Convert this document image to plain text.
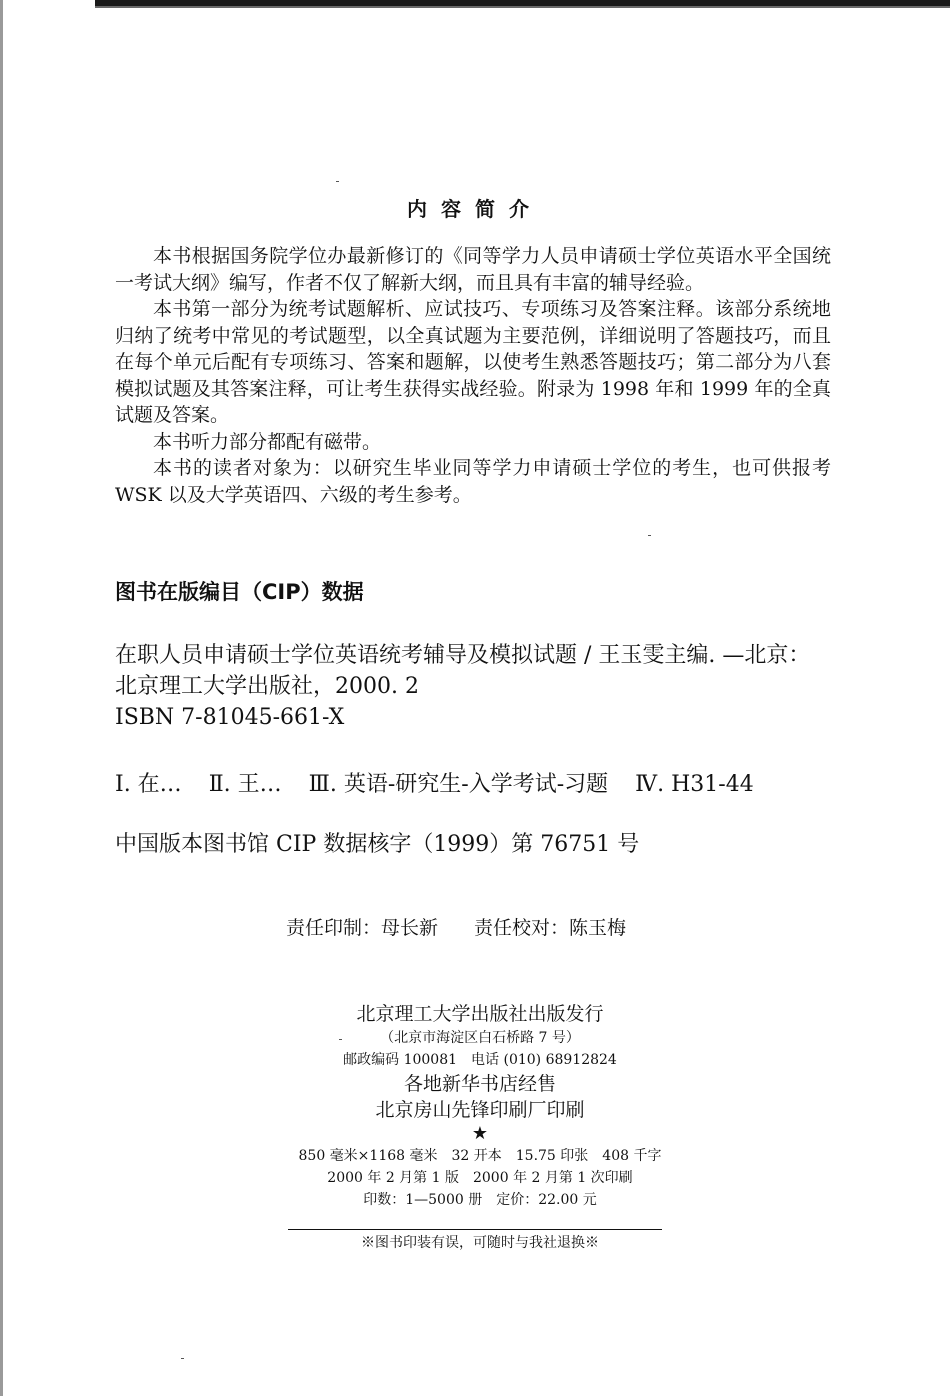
内容简介

本书根据国务院学位办最新修订的《同等学力人员申请硕士学位英语水平全国统一考试大纲》编写，作者不仅了解新大纲，而且具有丰富的辅导经验。

本书第一部分为统考试题解析、应试技巧、专项练习及答案注释。该部分系统地归纳了统考中常见的考试题型，以全真试题为主要范例，详细说明了答题技巧，而且在每个单元后配有专项练习、答案和题解，以使考生熟悉答题技巧；第二部分为八套模拟试题及其答案注释，可让考生获得实战经验。附录为 1998 年和 1999 年的全真试题及答案。

本书听力部分都配有磁带。

本书的读者对象为：以研究生毕业同等学力申请硕士学位的考生，也可供报考 WSK 以及大学英语四、六级的考生参考。

图书在版编目（CIP）数据

在职人员申请硕士学位英语统考辅导及模拟试题 / 王玉雯主编. —北京：北京理工大学出版社，2000. 2

ISBN 7-81045-661-X

Ⅰ. 在… Ⅱ. 王… Ⅲ. 英语-研究生-入学考试-习题 Ⅳ. H31-44
中国版本图书馆 CIP 数据核字（1999）第 76751 号
责任印制：母长新 责任校对：陈玉梅
北京理工大学出版社出版发行
（北京市海淀区白石桥路 7 号）
邮政编码 100081　电话 (010) 68912824
各地新华书店经售
北京房山先锋印刷厂印刷
★
850 毫米×1168 毫米　32 开本　15.75 印张　408 千字
2000 年 2 月第 1 版　2000 年 2 月第 1 次印刷
印数：1—5000 册　定价：22.00 元
※图书印装有误，可随时与我社退换※
